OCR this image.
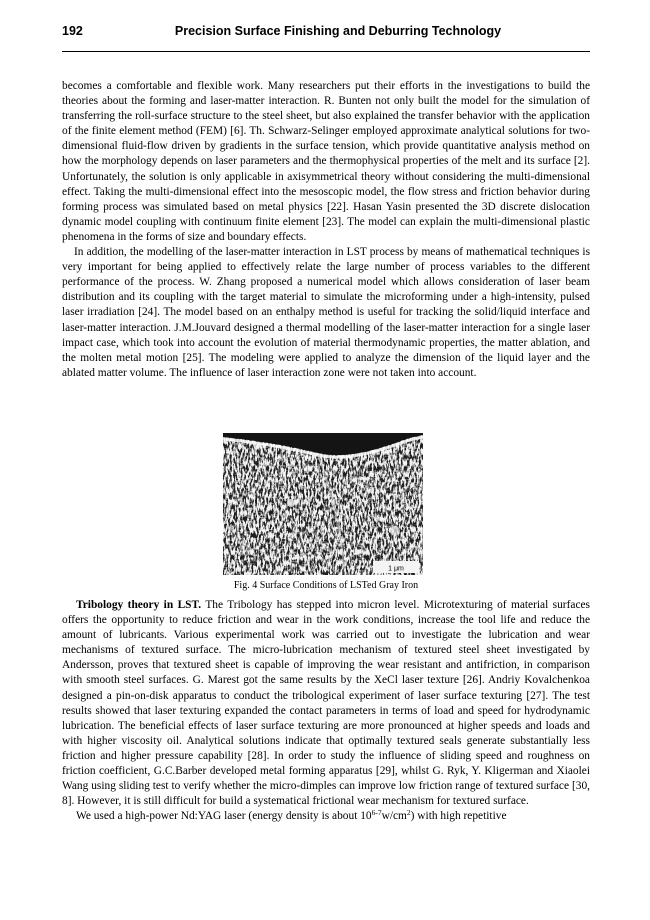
192	Precision Surface Finishing and Deburring Technology

becomes a comfortable and flexible work. Many researchers put their efforts in the investigations to build the theories about the forming and laser-matter interaction. R. Bunten not only built the model for the simulation of transferring the roll-surface structure to the steel sheet, but also explained the transfer behavior with the application of the finite element method (FEM) [6]. Th. Schwarz-Selinger employed approximate analytical solutions for two-dimensional fluid-flow driven by gradients in the surface tension, which provide quantitative analysis method on how the morphology depends on laser parameters and the thermophysical properties of the melt and its surface [2]. Unfortunately, the solution is only applicable in axisymmetrical theory without considering the multi-dimensional effect. Taking the multi-dimensional effect into the mesoscopic model, the flow stress and friction behavior during forming process was simulated based on metal physics [22]. Hasan Yasin presented the 3D discrete dislocation dynamic model coupling with continuum finite element [23]. The model can explain the multi-dimensional plastic phenomena in the forms of size and boundary effects.

In addition, the modelling of the laser-matter interaction in LST process by means of mathematical techniques is very important for being applied to effectively relate the large number of process variables to the different performance of the process. W. Zhang proposed a numerical model which allows consideration of laser beam distribution and its coupling with the target material to simulate the microforming under a high-intensity, pulsed laser irradiation [24]. The model based on an enthalpy method is useful for tracking the solid/liquid interface and laser-matter interaction. J.M.Jouvard designed a thermal modelling of the laser-matter interaction for a single laser impact case, which took into account the evolution of material thermodynamic properties, the matter ablation, and the molten metal motion [25]. The modeling were applied to analyze the dimension of the liquid layer and the ablated matter volume. The influence of laser interaction zone were not taken into account.

1 μm
Fig. 4 Surface Conditions of LSTed Gray Iron

Tribology theory in LST. The Tribology has stepped into micron level. Microtexturing of material surfaces offers the opportunity to reduce friction and wear in the work conditions, increase the tool life and reduce the amount of lubricants. Various experimental work was carried out to investigate the lubrication and wear mechanisms of textured surface. The micro-lubrication mechanism of textured steel sheet investigated by Andersson, proves that textured sheet is capable of improving the wear resistant and antifriction, in comparison with smooth steel surfaces. G. Marest got the same results by the XeCl laser texture [26]. Andriy Kovalchenkoa designed a pin-on-disk apparatus to conduct the tribological experiment of laser surface texturing [27]. The test results showed that laser texturing expanded the contact parameters in terms of load and speed for hydrodynamic lubrication. The beneficial effects of laser surface texturing are more pronounced at higher speeds and loads and with higher viscosity oil. Analytical solutions indicate that optimally textured seals generate substantially less friction and higher pressure capability [28]. In order to study the influence of sliding speed and roughness on friction coefficient, G.C.Barber developed metal forming apparatus [29], whilst G. Ryk, Y. Kligerman and Xiaolei Wang using sliding test to verify whether the micro-dimples can improve low friction range of textured surface [30, 8]. However, it is still difficult for build a systematical frictional wear mechanism for textured surface.

We used a high-power Nd:YAG laser (energy density is about $10^{6-7}w/cm^2$) with high repetitive
